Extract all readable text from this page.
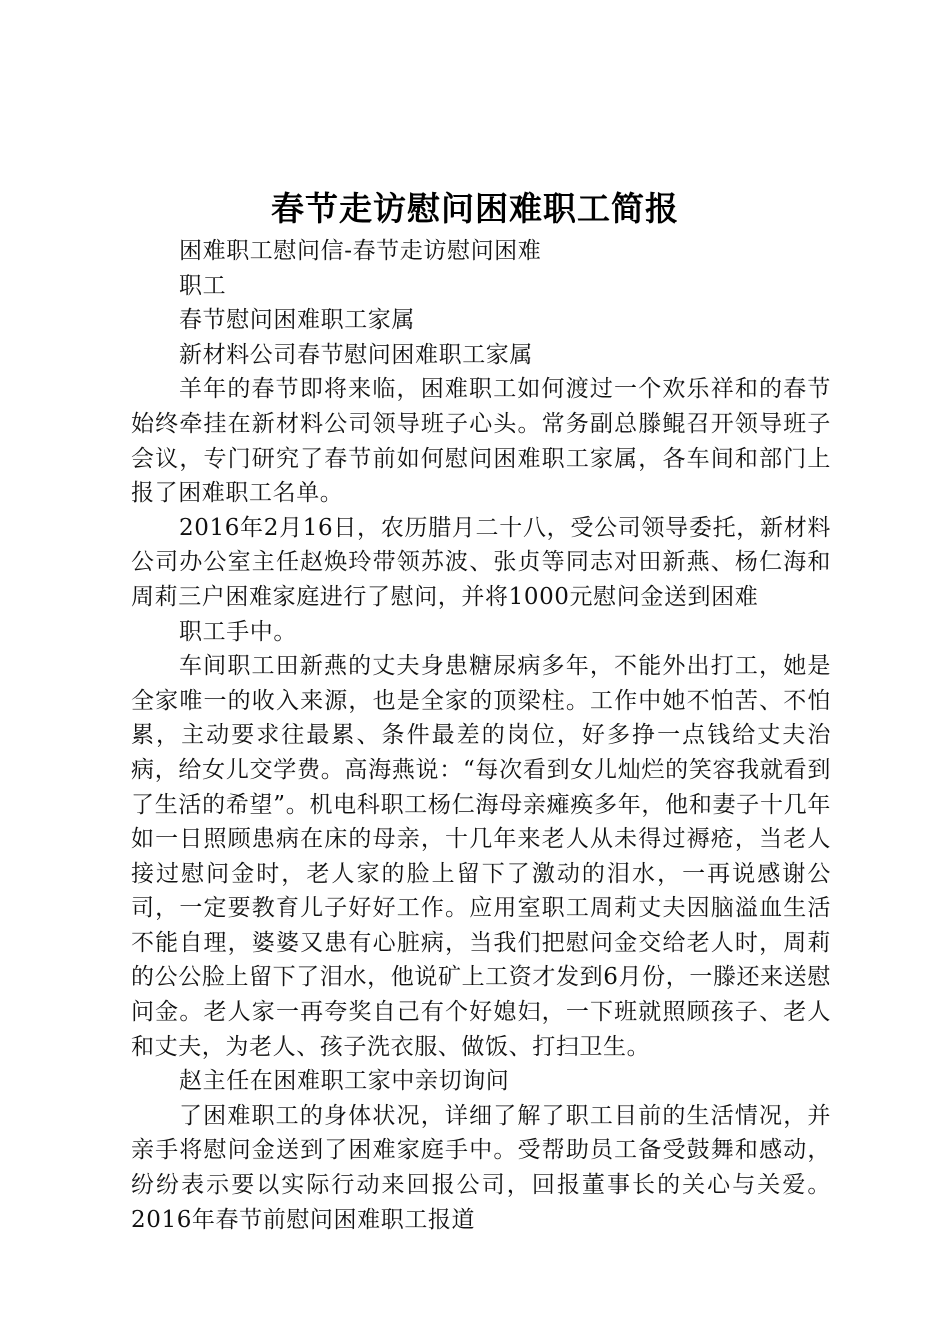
春节走访慰问困难职工简报

困难职工慰问信-春节走访慰问困难

职工

春节慰问困难职工家属

新材料公司春节慰问困难职工家属

羊年的春节即将来临，困难职工如何渡过一个欢乐祥和的春节始终牵挂在新材料公司领导班子心头。常务副总滕鲲召开领导班子会议，专门研究了春节前如何慰问困难职工家属，各车间和部门上报了困难职工名单。

2016年2月16日，农历腊月二十八，受公司领导委托，新材料公司办公室主任赵焕玲带领苏波、张贞等同志对田新燕、杨仁海和周莉三户困难家庭进行了慰问，并将1000元慰问金送到困难

职工手中。

车间职工田新燕的丈夫身患糖尿病多年，不能外出打工，她是全家唯一的收入来源，也是全家的顶梁柱。工作中她不怕苦、不怕累，主动要求往最累、条件最差的岗位，好多挣一点钱给丈夫治病，给女儿交学费。高海燕说：“每次看到女儿灿烂的笑容我就看到了生活的希望”。机电科职工杨仁海母亲瘫痪多年，他和妻子十几年如一日照顾患病在床的母亲，十几年来老人从未得过褥疮，当老人接过慰问金时，老人家的脸上留下了激动的泪水，一再说感谢公司，一定要教育儿子好好工作。应用室职工周莉丈夫因脑溢血生活不能自理，婆婆又患有心脏病，当我们把慰问金交给老人时，周莉的公公脸上留下了泪水，他说矿上工资才发到6月份，一滕还来送慰问金。老人家一再夸奖自己有个好媳妇，一下班就照顾孩子、老人和丈夫，为老人、孩子洗衣服、做饭、打扫卫生。

赵主任在困难职工家中亲切询问

了困难职工的身体状况，详细了解了职工目前的生活情况，并亲手将慰问金送到了困难家庭手中。受帮助员工备受鼓舞和感动，纷纷表示要以实际行动来回报公司，回报董事长的关心与关爱。2016年春节前慰问困难职工报道
